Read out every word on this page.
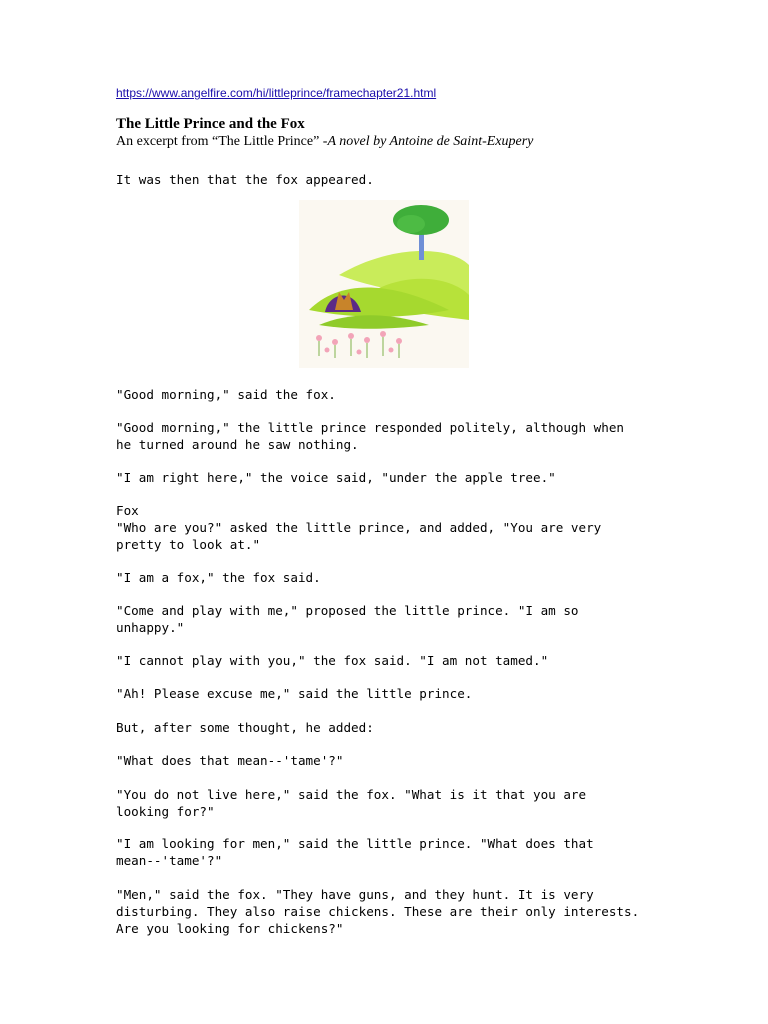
https://www.angelfire.com/hi/littleprince/framechapter21.html
The Little Prince and the Fox
An excerpt from “The Little Prince” -A novel by Antoine de Saint-Exupery

It was then that the fox appeared.

"Good morning," said the fox.

"Good morning," the little prince responded politely, although when
he turned around he saw nothing.

"I am right here," the voice said, "under the apple tree."

Fox
"Who are you?" asked the little prince, and added, "You are very
pretty to look at."

"I am a fox," the fox said.

"Come and play with me," proposed the little prince. "I am so
unhappy."

"I cannot play with you," the fox said. "I am not tamed."

"Ah! Please excuse me," said the little prince.

But, after some thought, he added:

"What does that mean--'tame'?"

"You do not live here," said the fox. "What is it that you are
looking for?"

"I am looking for men," said the little prince. "What does that
mean--'tame'?"

"Men," said the fox. "They have guns, and they hunt. It is very
disturbing. They also raise chickens. These are their only interests.
Are you looking for chickens?"
